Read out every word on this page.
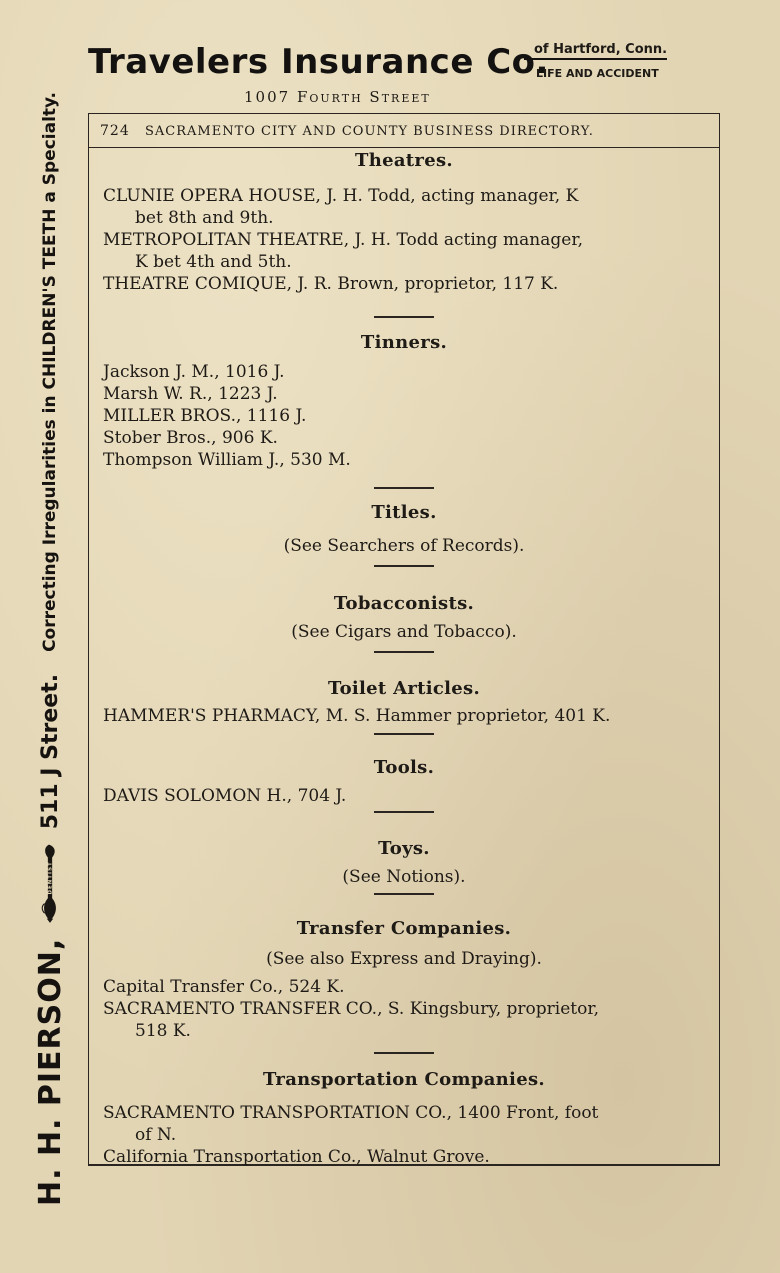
Travelers Insurance Co.
of Hartford, Conn.
LIFE AND ACCIDENT
1007 Fourth Street
H. H. PIERSON,
DENTIST
511 J Street.
Correcting Irregularities in CHILDREN'S TEETH a Specialty.	724 SACRAMENTO CITY AND COUNTY BUSINESS DIRECTORY.
Theatres.
CLUNIE OPERA HOUSE, J. H. Todd, acting manager, K
bet 8th and 9th.
METROPOLITAN THEATRE, J. H. Todd acting manager,
K bet 4th and 5th.
THEATRE COMIQUE, J. R. Brown, proprietor, 117 K.
Tinners.
Jackson J. M., 1016 J.
Marsh W. R., 1223 J.
MILLER BROS., 1116 J.
Stober Bros., 906 K.
Thompson William J., 530 M.
Titles.
(See Searchers of Records).
Tobacconists.
(See Cigars and Tobacco).
Toilet Articles.
HAMMER'S PHARMACY, M. S. Hammer proprietor, 401 K.
Tools.
DAVIS SOLOMON H., 704 J.
Toys.
(See Notions).
Transfer Companies.
(See also Express and Draying).
Capital Transfer Co., 524 K.
SACRAMENTO TRANSFER CO., S. Kingsbury, proprietor,
518 K.
Transportation Companies.
SACRAMENTO TRANSPORTATION CO., 1400 Front, foot
of N.
California Transportation Co., Walnut Grove.
